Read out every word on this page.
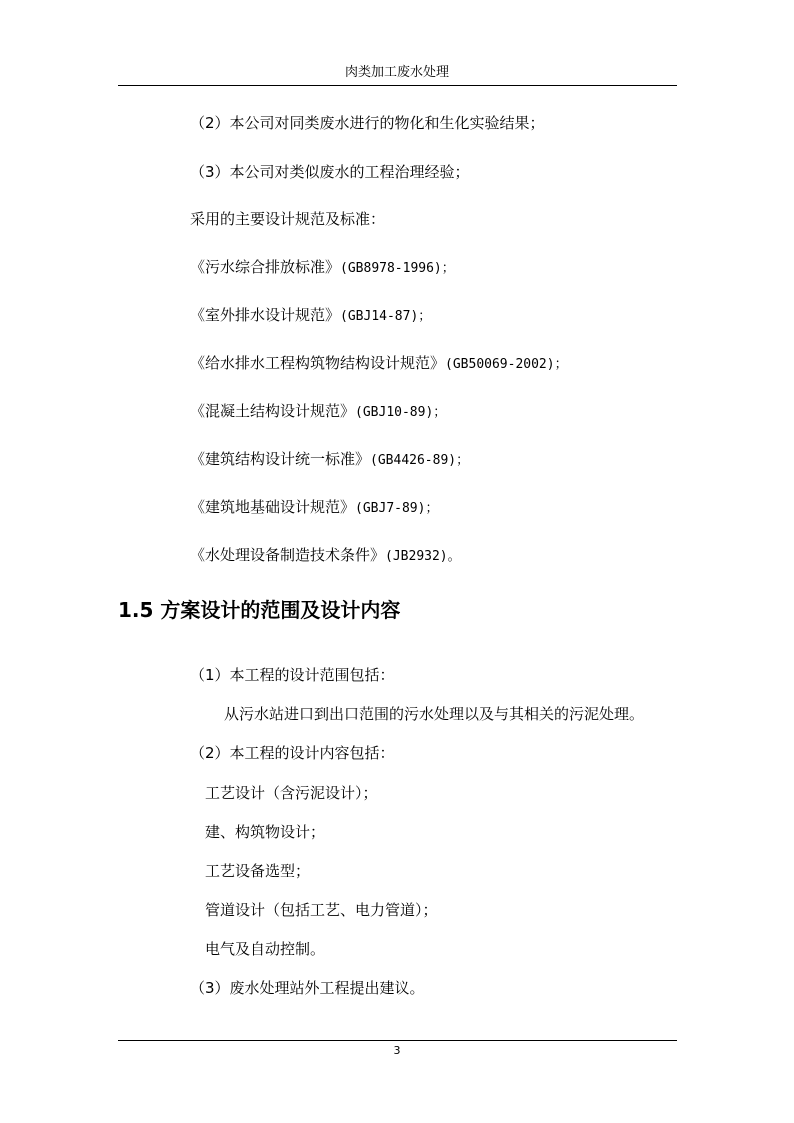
肉类加工废水处理
（2）本公司对同类废水进行的物化和生化实验结果；
（3）本公司对类似废水的工程治理经验；
采用的主要设计规范及标准：
《污水综合排放标准》(GB8978-1996)；
《室外排水设计规范》(GBJ14-87)；
《给水排水工程构筑物结构设计规范》(GB50069-2002)；
《混凝土结构设计规范》(GBJ10-89)；
《建筑结构设计统一标准》(GB4426-89)；
《建筑地基础设计规范》(GBJ7-89)；
《水处理设备制造技术条件》(JB2932)。
1.5 方案设计的范围及设计内容
（1）本工程的设计范围包括：
从污水站进口到出口范围的污水处理以及与其相关的污泥处理。
（2）本工程的设计内容包括：
工艺设计（含污泥设计）；
建、构筑物设计；
工艺设备选型；
管道设计（包括工艺、电力管道）；
电气及自动控制。
（3）废水处理站外工程提出建议。
3
